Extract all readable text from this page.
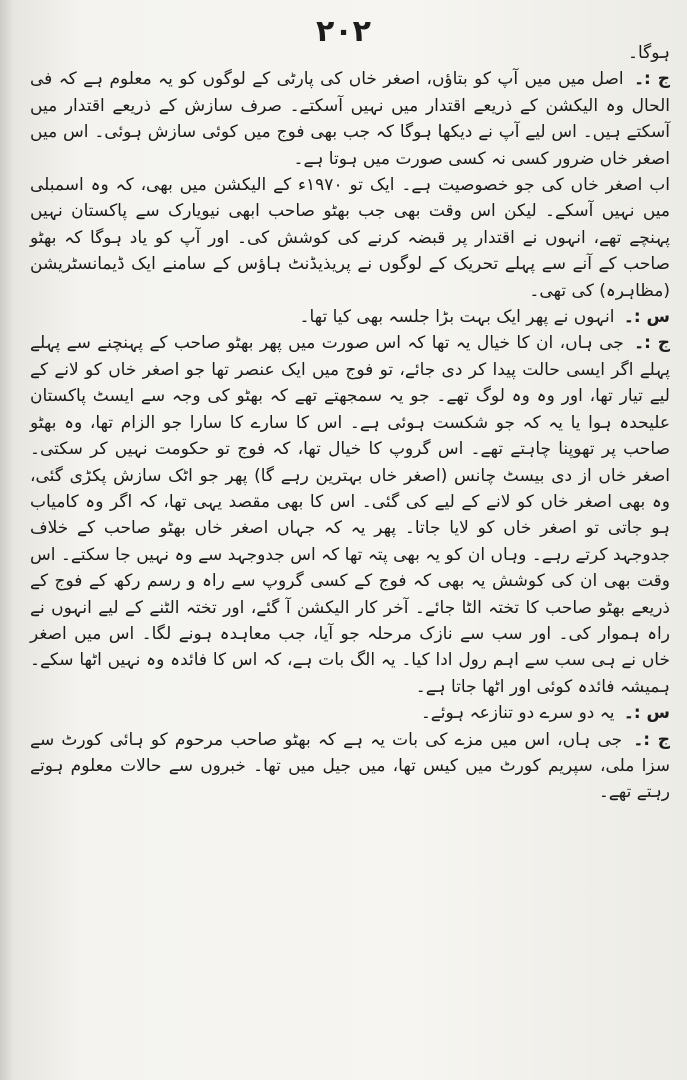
۲۰۲

ہوگا۔

ج :۔ اصل میں میں آپ کو بتاؤں، اصغر خاں کی پارٹی کے لوگوں کو یہ معلوم ہے کہ فی الحال وہ الیکشن کے ذریعے اقتدار میں نہیں آسکتے۔ صرف سازش کے ذریعے اقتدار میں آسکتے ہیں۔ اس لیے آپ نے دیکھا ہوگا کہ جب بھی فوج میں کوئی سازش ہوئی۔ اس میں اصغر خاں ضرور کسی نہ کسی صورت میں ہوتا ہے۔

اب اصغر خاں کی جو خصوصیت ہے۔ ایک تو ۱۹۷۰ء کے الیکشن میں بھی، کہ وہ اسمبلی میں نہیں آسکے۔ لیکن اس وقت بھی جب بھٹو صاحب ابھی نیویارک سے پاکستان نہیں پہنچے تھے، انہوں نے اقتدار پر قبضہ کرنے کی کوشش کی۔ اور آپ کو یاد ہوگا کہ بھٹو صاحب کے آنے سے پہلے تحریک کے لوگوں نے پریذیڈنٹ ہاؤس کے سامنے ایک ڈیمانسٹریشن (مظاہرہ) کی تھی۔

س :۔ انہوں نے پھر ایک بہت بڑا جلسہ بھی کیا تھا۔

ج :۔ جی ہاں، ان کا خیال یہ تھا کہ اس صورت میں پھر بھٹو صاحب کے پہنچنے سے پہلے پہلے اگر ایسی حالت پیدا کر دی جائے، تو فوج میں ایک عنصر تھا جو اصغر خاں کو لانے کے لیے تیار تھا، اور وہ وہ لوگ تھے۔ جو یہ سمجھتے تھے کہ بھٹو کی وجہ سے ایسٹ پاکستان علیحدہ ہوا یا یہ کہ جو شکست ہوئی ہے۔ اس کا سارے کا سارا جو الزام تھا، وہ بھٹو صاحب پر تھوپنا چاہتے تھے۔ اس گروپ کا خیال تھا، کہ فوج تو حکومت نہیں کر سکتی۔ اصغر خاں از دی بیسٹ چانس (اصغر خاں بہترین رہے گا) پھر جو اٹک سازش پکڑی گئی، وہ بھی اصغر خاں کو لانے کے لیے کی گئی۔ اس کا بھی مقصد یہی تھا، کہ اگر وہ کامیاب ہو جاتی تو اصغر خاں کو لایا جاتا۔ پھر یہ کہ جہاں اصغر خاں بھٹو صاحب کے خلاف جدوجہد کرتے رہے۔ وہاں ان کو یہ بھی پتہ تھا کہ اس جدوجہد سے وہ نہیں جا سکتے۔ اس وقت بھی ان کی کوشش یہ بھی کہ فوج کے کسی گروپ سے راہ و رسم رکھ کے فوج کے ذریعے بھٹو صاحب کا تختہ الٹا جائے۔ آخر کار الیکشن آ گئے، اور تختہ الٹنے کے لیے انہوں نے راہ ہموار کی۔ اور سب سے نازک مرحلہ جو آیا، جب معاہدہ ہونے لگا۔ اس میں اصغر خاں نے ہی سب سے اہم رول ادا کیا۔ یہ الگ بات ہے، کہ اس کا فائدہ وہ نہیں اٹھا سکے۔ ہمیشہ فائدہ کوئی اور اٹھا جاتا ہے۔

س :۔ یہ دو سرے دو تنازعہ ہوئے۔

ج :۔ جی ہاں، اس میں مزے کی بات یہ ہے کہ بھٹو صاحب مرحوم کو ہائی کورٹ سے سزا ملی، سپریم کورٹ میں کیس تھا، میں جیل میں تھا۔ خبروں سے حالات معلوم ہوتے رہتے تھے۔
